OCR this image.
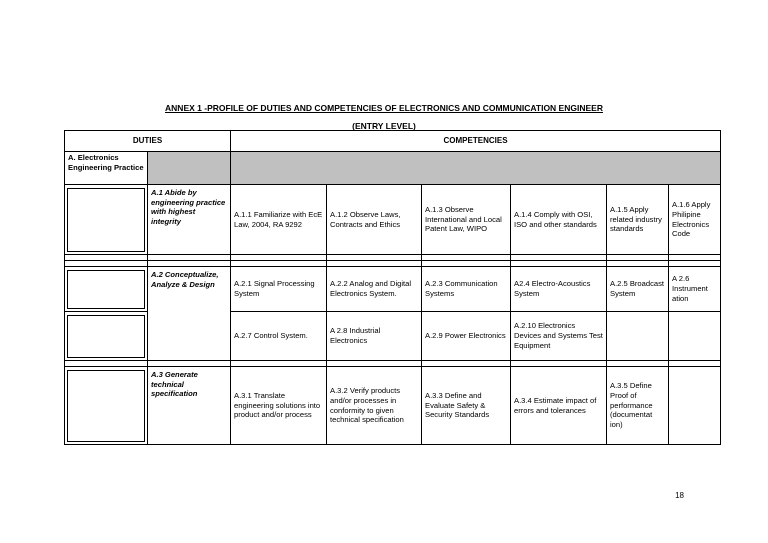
ANNEX 1 -PROFILE OF DUTIES AND COMPETENCIES OF ELECTRONICS AND COMMUNICATION ENGINEER
(ENTRY LEVEL)
DUTIES		COMPETENCIES					
A. Electronics Engineering Practice							

	A.1 Abide by engineering practice with highest integrity	A.1.1 Familiarize with EcE Law, 2004, RA 9292	A.1.2 Observe Laws, Contracts and Ethics	A.1.3 Observe International and Local Patent Law, WIPO	A.1.4 Comply with OSI, ISO and other standards	A.1.5 Apply related industry standards	A.1.6 Apply Philipine Electronics Code

	A.2 Conceptualize, Analyze & Design	A.2.1 Signal Processing System	A.2.2 Analog and Digital Electronics System.	A.2.3 Communication Systems	A2.4 Electro-Acoustics System	A.2.5 Broadcast System	A 2.6 Instrument ation

		A.2.7 Control System.	A 2.8 Industrial Electronics	A.2.9 Power Electronics	A.2.10 Electronics Devices and Systems Test Equipment		

	A.3 Generate technical specification	A.3.1 Translate engineering solutions into product and/or process	A.3.2 Verify products and/or processes in conformity to given technical specification	A.3.3 Define and Evaluate Safety & Security Standards	A.3.4 Estimate impact of errors and tolerances	A.3.5 Define Proof of performance (documentat ion)	
18
